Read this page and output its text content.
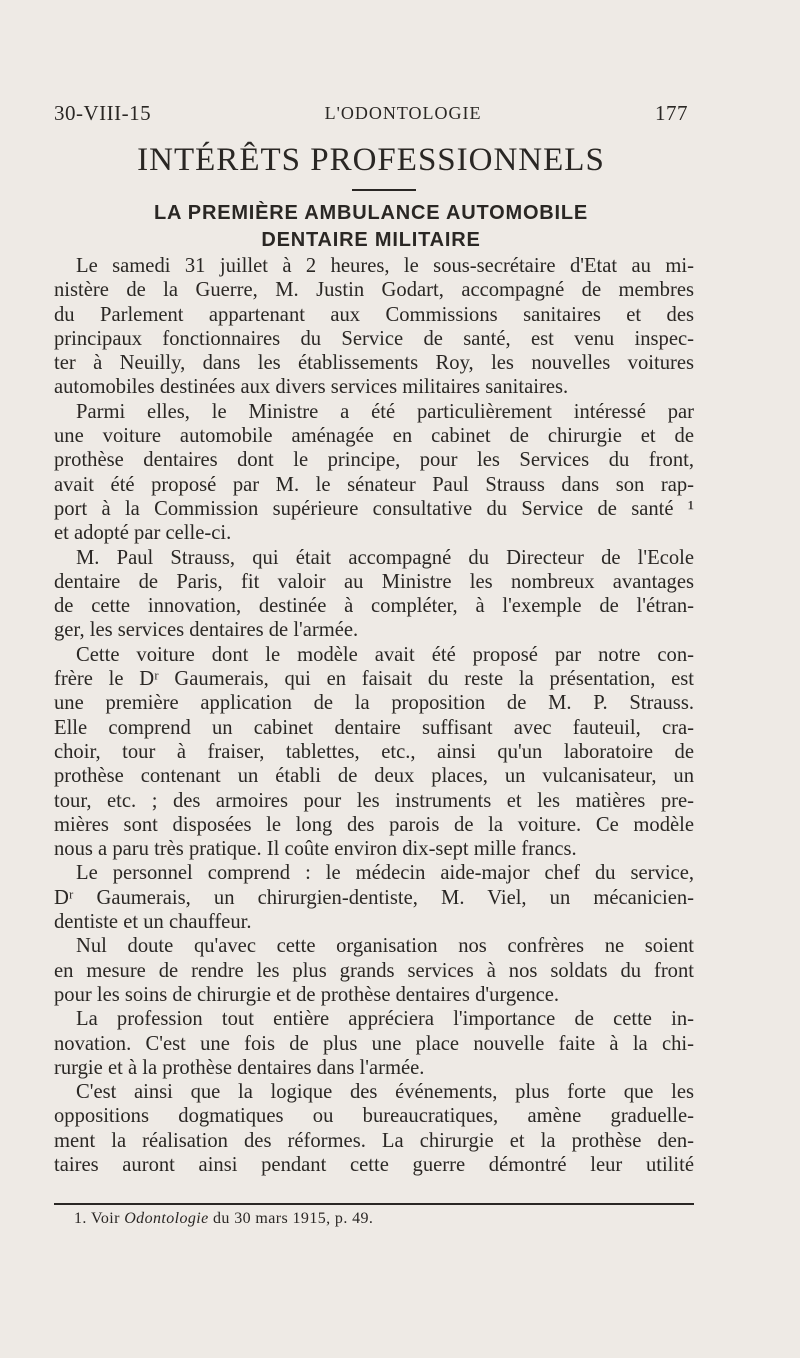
30-VIII-15	L'ODONTOLOGIE	177
INTÉRÊTS PROFESSIONNELS
LA PREMIÈRE AMBULANCE AUTOMOBILE
DENTAIRE MILITAIRE
Le samedi 31 juillet à 2 heures, le sous-secrétaire d'Etat au mi-
nistère de la Guerre, M. Justin Godart, accompagné de membres
du Parlement appartenant aux Commissions sanitaires et des
principaux fonctionnaires du Service de santé, est venu inspec-
ter à Neuilly, dans les établissements Roy, les nouvelles voitures
automobiles destinées aux divers services militaires sanitaires.
Parmi elles, le Ministre a été particulièrement intéressé par
une voiture automobile aménagée en cabinet de chirurgie et de
prothèse dentaires dont le principe, pour les Services du front,
avait été proposé par M. le sénateur Paul Strauss dans son rap-
port à la Commission supérieure consultative du Service de santé ¹
et adopté par celle-ci.
M. Paul Strauss, qui était accompagné du Directeur de l'Ecole
dentaire de Paris, fit valoir au Ministre les nombreux avantages
de cette innovation, destinée à compléter, à l'exemple de l'étran-
ger, les services dentaires de l'armée.
Cette voiture dont le modèle avait été proposé par notre con-
frère le Dʳ Gaumerais, qui en faisait du reste la présentation, est
une première application de la proposition de M. P. Strauss.
Elle comprend un cabinet dentaire suffisant avec fauteuil, cra-
choir, tour à fraiser, tablettes, etc., ainsi qu'un laboratoire de
prothèse contenant un établi de deux places, un vulcanisateur, un
tour, etc. ; des armoires pour les instruments et les matières pre-
mières sont disposées le long des parois de la voiture. Ce modèle
nous a paru très pratique. Il coûte environ dix-sept mille francs.
Le personnel comprend : le médecin aide-major chef du service,
Dʳ Gaumerais, un chirurgien-dentiste, M. Viel, un mécanicien-
dentiste et un chauffeur.
Nul doute qu'avec cette organisation nos confrères ne soient
en mesure de rendre les plus grands services à nos soldats du front
pour les soins de chirurgie et de prothèse dentaires d'urgence.
La profession tout entière appréciera l'importance de cette in-
novation. C'est une fois de plus une place nouvelle faite à la chi-
rurgie et à la prothèse dentaires dans l'armée.
C'est ainsi que la logique des événements, plus forte que les
oppositions dogmatiques ou bureaucratiques, amène graduelle-
ment la réalisation des réformes. La chirurgie et la prothèse den-
taires auront ainsi pendant cette guerre démontré leur utilité
1. Voir Odontologie du 30 mars 1915, p. 49.
